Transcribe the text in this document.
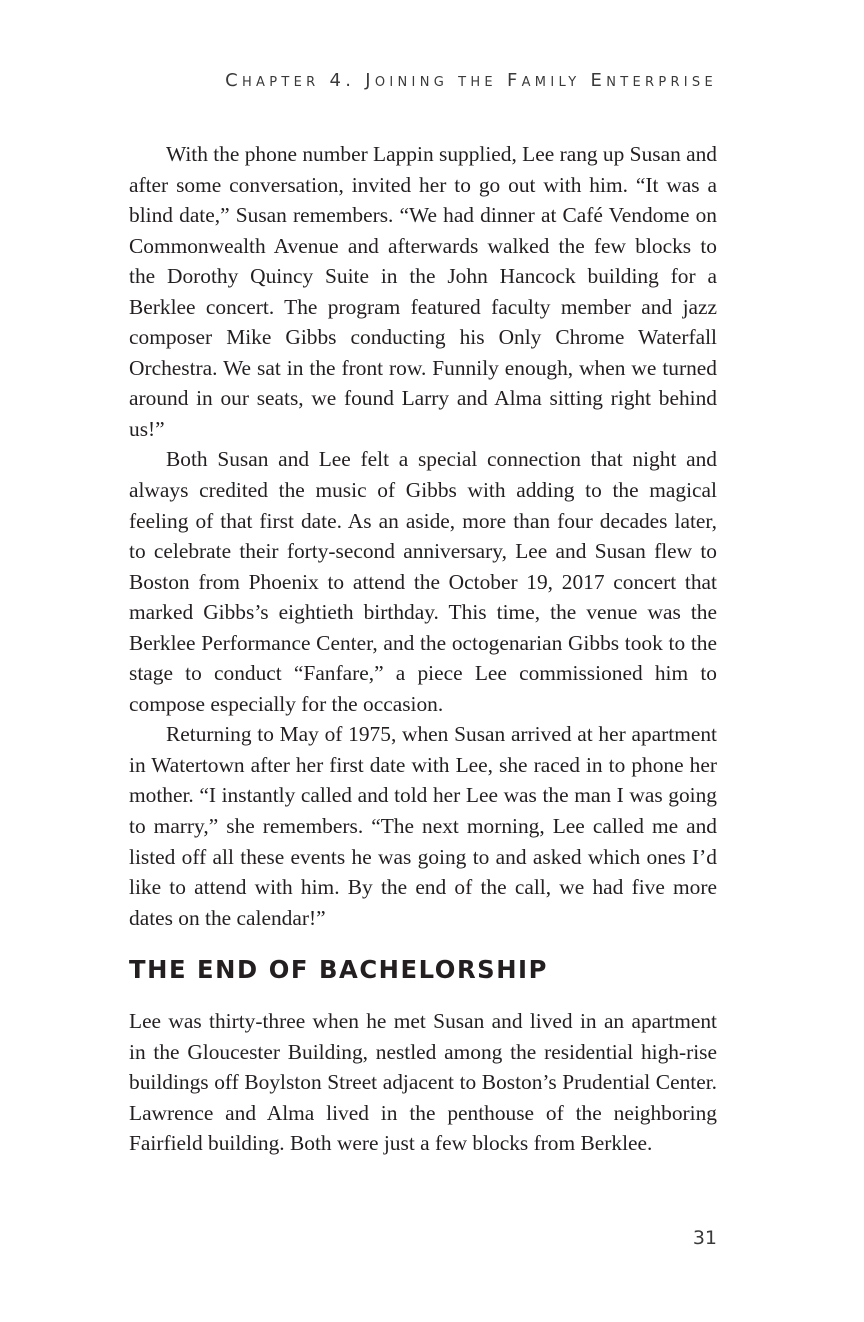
Chapter 4. Joining the Family Enterprise

With the phone number Lappin supplied, Lee rang up Susan and after some conversation, invited her to go out with him. “It was a blind date,” Susan remembers. “We had dinner at Café Vendome on Commonwealth Avenue and afterwards walked the few blocks to the Dorothy Quincy Suite in the John Hancock building for a Berklee concert. The program featured faculty member and jazz composer Mike Gibbs conducting his Only Chrome Waterfall Orchestra. We sat in the front row. Funnily enough, when we turned around in our seats, we found Larry and Alma sitting right behind us!”

Both Susan and Lee felt a special connection that night and always credited the music of Gibbs with adding to the magical feeling of that first date. As an aside, more than four decades later, to celebrate their forty-second anniversary, Lee and Susan flew to Boston from Phoenix to attend the October 19, 2017 concert that marked Gibbs’s eightieth birthday. This time, the venue was the Berklee Performance Center, and the octogenarian Gibbs took to the stage to conduct “Fanfare,” a piece Lee commissioned him to compose especially for the occasion.

Returning to May of 1975, when Susan arrived at her apartment in Watertown after her first date with Lee, she raced in to phone her mother. “I instantly called and told her Lee was the man I was going to marry,” she remembers. “The next morning, Lee called me and listed off all these events he was going to and asked which ones I’d like to attend with him. By the end of the call, we had five more dates on the calendar!”

THE END OF BACHELORSHIP

Lee was thirty-three when he met Susan and lived in an apartment in the Gloucester Building, nestled among the residential high-rise buildings off Boylston Street adjacent to Boston’s Prudential Center. Lawrence and Alma lived in the penthouse of the neighboring Fairfield building. Both were just a few blocks from Berklee.

31
